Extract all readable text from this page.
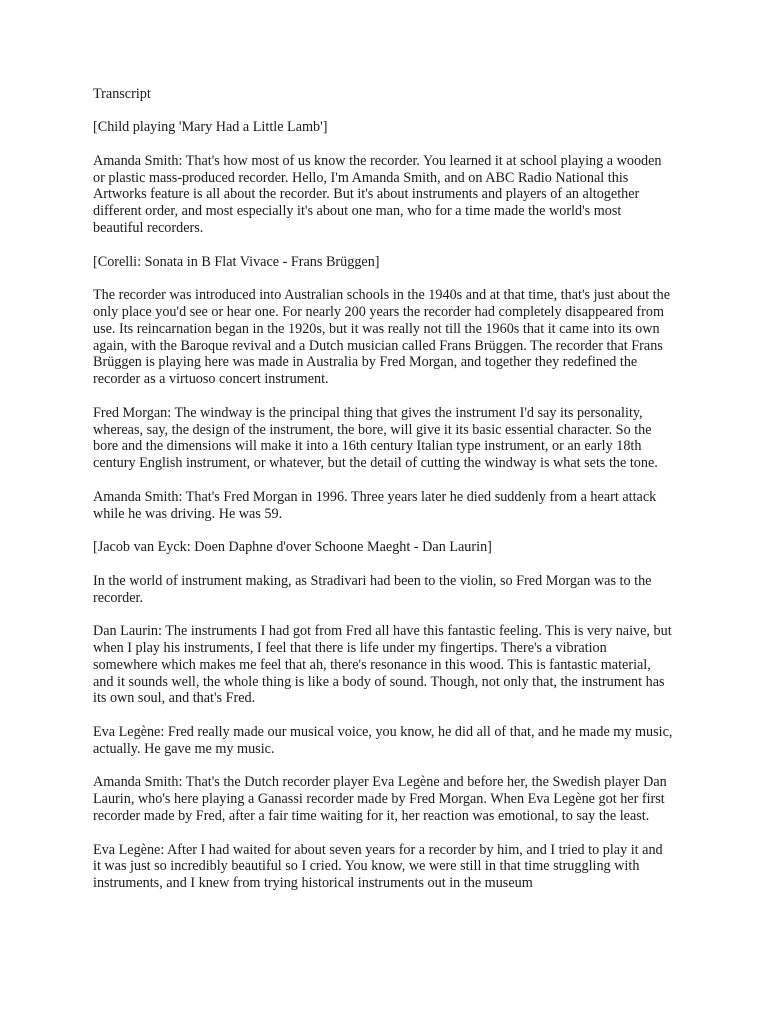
Transcript

[Child playing 'Mary Had a Little Lamb']

Amanda Smith: That's how most of us know the recorder. You learned it at school playing a wooden or plastic mass-produced recorder. Hello, I'm Amanda Smith, and on ABC Radio National this Artworks feature is all about the recorder. But it's about instruments and players of an altogether different order, and most especially it's about one man, who for a time made the world's most beautiful recorders.

[Corelli: Sonata in B Flat Vivace - Frans Brüggen]

The recorder was introduced into Australian schools in the 1940s and at that time, that's just about the only place you'd see or hear one. For nearly 200 years the recorder had completely disappeared from use. Its reincarnation began in the 1920s, but it was really not till the 1960s that it came into its own again, with the Baroque revival and a Dutch musician called Frans Brüggen. The recorder that Frans Brüggen is playing here was made in Australia by Fred Morgan, and together they redefined the recorder as a virtuoso concert instrument.

Fred Morgan: The windway is the principal thing that gives the instrument I'd say its personality, whereas, say, the design of the instrument, the bore, will give it its basic essential character. So the bore and the dimensions will make it into a 16th century Italian type instrument, or an early 18th century English instrument, or whatever, but the detail of cutting the windway is what sets the tone.

Amanda Smith: That's Fred Morgan in 1996. Three years later he died suddenly from a heart attack while he was driving. He was 59.

[Jacob van Eyck: Doen Daphne d'over Schoone Maeght - Dan Laurin]

In the world of instrument making, as Stradivari had been to the violin, so Fred Morgan was to the recorder.

Dan Laurin: The instruments I had got from Fred all have this fantastic feeling. This is very naive, but when I play his instruments, I feel that there is life under my fingertips. There's a vibration somewhere which makes me feel that ah, there's resonance in this wood. This is fantastic material, and it sounds well, the whole thing is like a body of sound. Though, not only that, the instrument has its own soul, and that's Fred.

Eva Legène: Fred really made our musical voice, you know, he did all of that, and he made my music, actually. He gave me my music.

Amanda Smith: That's the Dutch recorder player Eva Legène and before her, the Swedish player Dan Laurin, who's here playing a Ganassi recorder made by Fred Morgan. When Eva Legène got her first recorder made by Fred, after a fair time waiting for it, her reaction was emotional, to say the least.

Eva Legène: After I had waited for about seven years for a recorder by him, and I tried to play it and it was just so incredibly beautiful so I cried. You know, we were still in that time struggling with instruments, and I knew from trying historical instruments out in the museum
